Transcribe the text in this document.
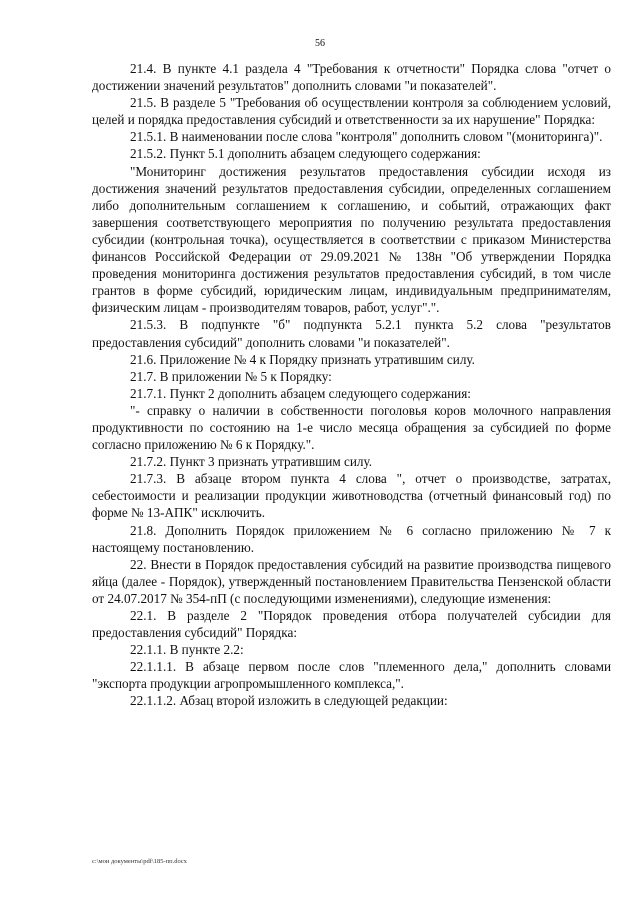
56

21.4. В пункте 4.1 раздела 4 "Требования к отчетности" Порядка слова "отчет о достижении значений результатов" дополнить словами "и показателей".

21.5. В разделе 5 "Требования об осуществлении контроля за соблюдением условий, целей и порядка предоставления субсидий и ответственности за их нарушение" Порядка:

21.5.1. В наименовании после слова "контроля" дополнить словом "(мониторинга)".

21.5.2. Пункт 5.1 дополнить абзацем следующего содержания:

"Мониторинг достижения результатов предоставления субсидии исходя из достижения значений результатов предоставления субсидии, определенных соглашением либо дополнительным соглашением к соглашению, и событий, отражающих факт завершения соответствующего мероприятия по получению результата предоставления субсидии (контрольная точка), осуществляется в соответствии с приказом Министерства финансов Российской Федерации от 29.09.2021 № 138н "Об утверждении Порядка проведения мониторинга достижения результатов предоставления субсидий, в том числе грантов в форме субсидий, юридическим лицам, индивидуальным предпринимателям, физическим лицам - производителям товаров, работ, услуг".".

21.5.3. В подпункте "б" подпункта 5.2.1 пункта 5.2 слова "результатов предоставления субсидий" дополнить словами "и показателей".

21.6. Приложение № 4 к Порядку признать утратившим силу.

21.7. В приложении № 5 к Порядку:

21.7.1. Пункт 2 дополнить абзацем следующего содержания:

"- справку о наличии в собственности поголовья коров молочного направления продуктивности по состоянию на 1-е число месяца обращения за субсидией по форме согласно приложению № 6 к Порядку.".

21.7.2. Пункт 3 признать утратившим силу.

21.7.3. В абзаце втором пункта 4 слова ", отчет о производстве, затратах, себестоимости и реализации продукции животноводства (отчетный финансовый год) по форме № 13-АПК" исключить.

21.8. Дополнить Порядок приложением № 6 согласно приложению № 7 к настоящему постановлению.

22. Внести в Порядок предоставления субсидий на развитие производства пищевого яйца (далее - Порядок), утвержденный постановлением Правительства Пензенской области от 24.07.2017 № 354-пП (с последующими изменениями), следующие изменения:

22.1. В разделе 2 "Порядок проведения отбора получателей субсидии для предоставления субсидий" Порядка:

22.1.1. В пункте 2.2:

22.1.1.1. В абзаце первом после слов "племенного дела," дополнить словами "экспорта продукции агропромышленного комплекса,".

22.1.1.2. Абзац второй изложить в следующей редакции:

c:\мои документы\pdf\185-пп.docx
